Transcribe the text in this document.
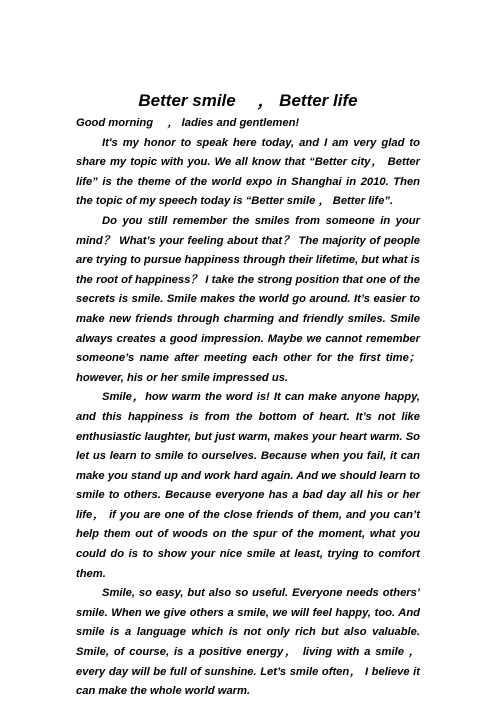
Better smile 　， Better life

Good morning 　， ladies and gentlemen!

It's my honor to speak here today, and I am very glad to share my topic with you. We all know that “Better city， Better life” is the theme of the world expo in Shanghai in 2010. Then the topic of my speech today is “Better smile ， Better life”.

Do you still remember the smiles from someone in your mind？ What’s your feeling about that？ The majority of people are trying to pursue happiness through their lifetime, but what is the root of happiness？ I take the strong position that one of the secrets is smile. Smile makes the world go around. It’s easier to make new friends through charming and friendly smiles. Smile always creates a good impression. Maybe we cannot remember someone’s name after meeting each other for the first time； however, his or her smile impressed us.

Smile，how warm the word is! It can make anyone happy, and this happiness is from the bottom of heart. It’s not like enthusiastic laughter, but just warm, makes your heart warm. So let us learn to smile to ourselves. Because when you fail, it can make you stand up and work hard again. And we should learn to smile to others. Because everyone has a bad day all his or her life， if you are one of the close friends of them, and you can’t help them out of woods on the spur of the moment, what you could do is to show your nice smile at least, trying to comfort them.

Smile, so easy, but also so useful. Everyone needs others’ smile. When we give others a smile, we will feel happy, too. And smile is a language which is not only rich but also valuable. Smile, of course, is a positive energy， living with a smile ， every day will be full of sunshine. Let’s smile often， I believe it can make the whole world warm.
